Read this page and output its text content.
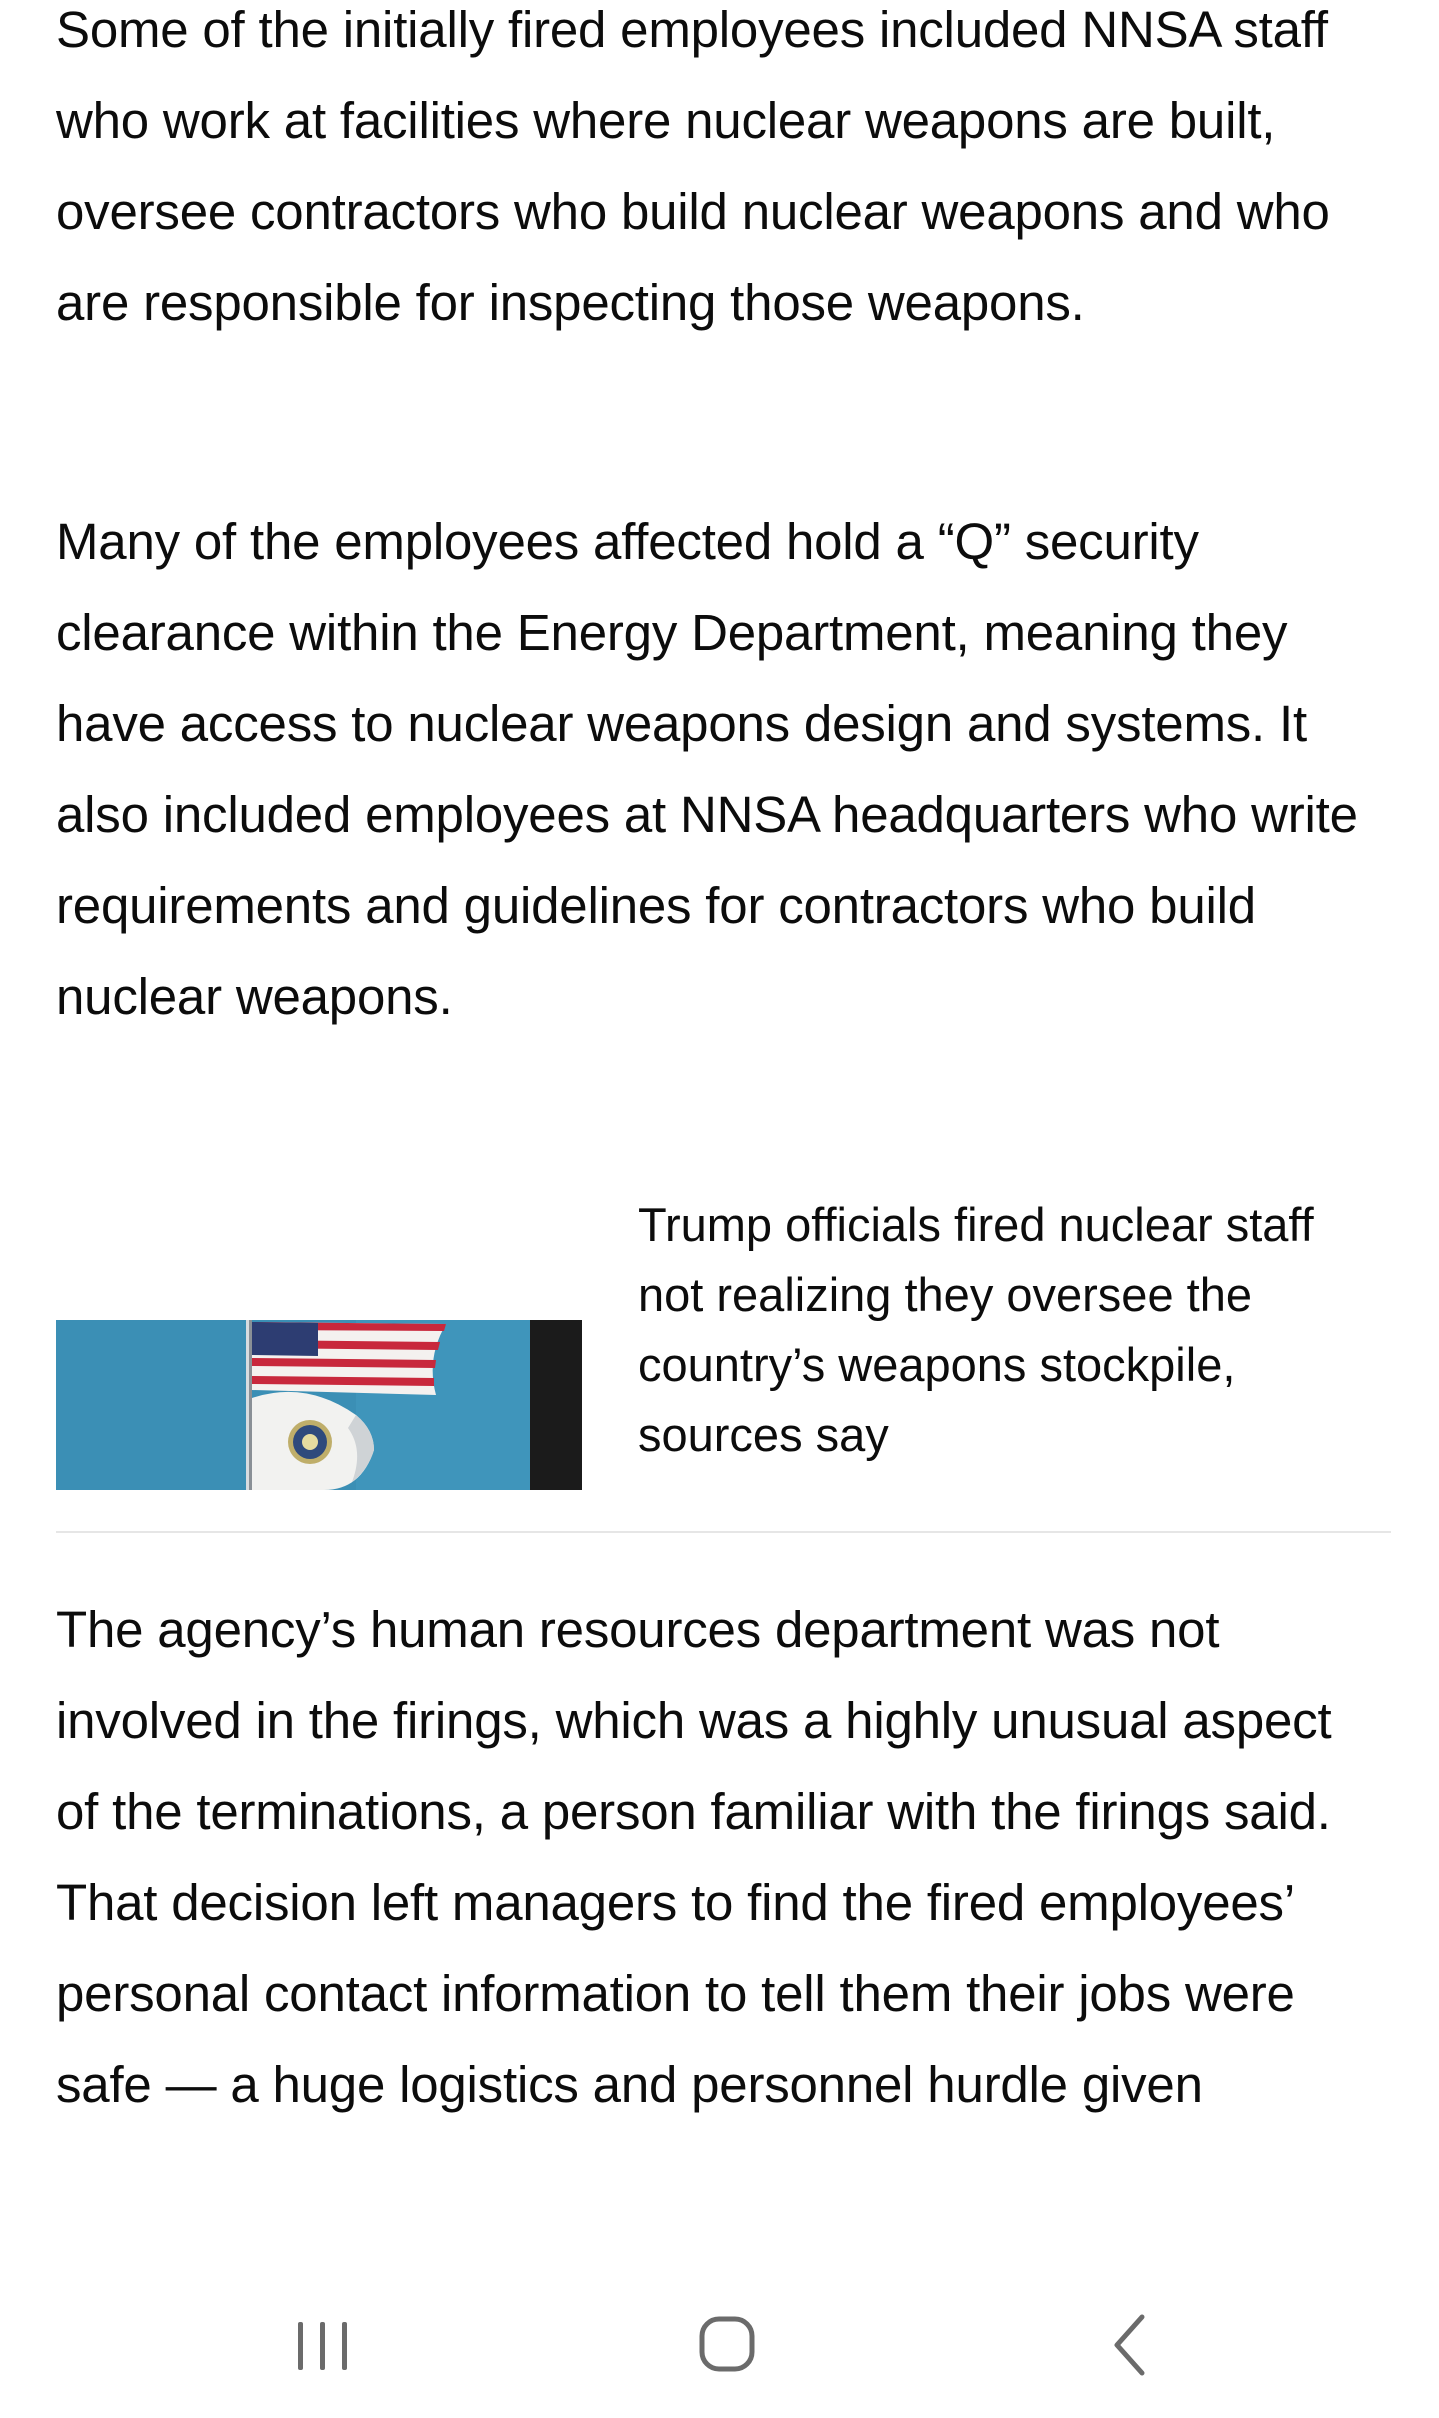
Some of the initially fired employees included NNSA staff who work at facilities where nuclear weapons are built, oversee contractors who build nuclear weapons and who are responsible for inspecting those weapons.

Many of the employees affected hold a “Q” security clearance within the Energy Department, meaning they have access to nuclear weapons design and systems. It also included employees at NNSA headquarters who write requirements and guidelines for contractors who build nuclear weapons.

Trump officials fired nuclear staff not realizing they oversee the country’s weapons stockpile, sources say

The agency’s human resources department was not involved in the firings, which was a highly unusual aspect of the terminations, a person familiar with the firings said. That decision left managers to find the fired employees’ personal contact information to tell them their jobs were safe — a huge logistics and personnel hurdle given
